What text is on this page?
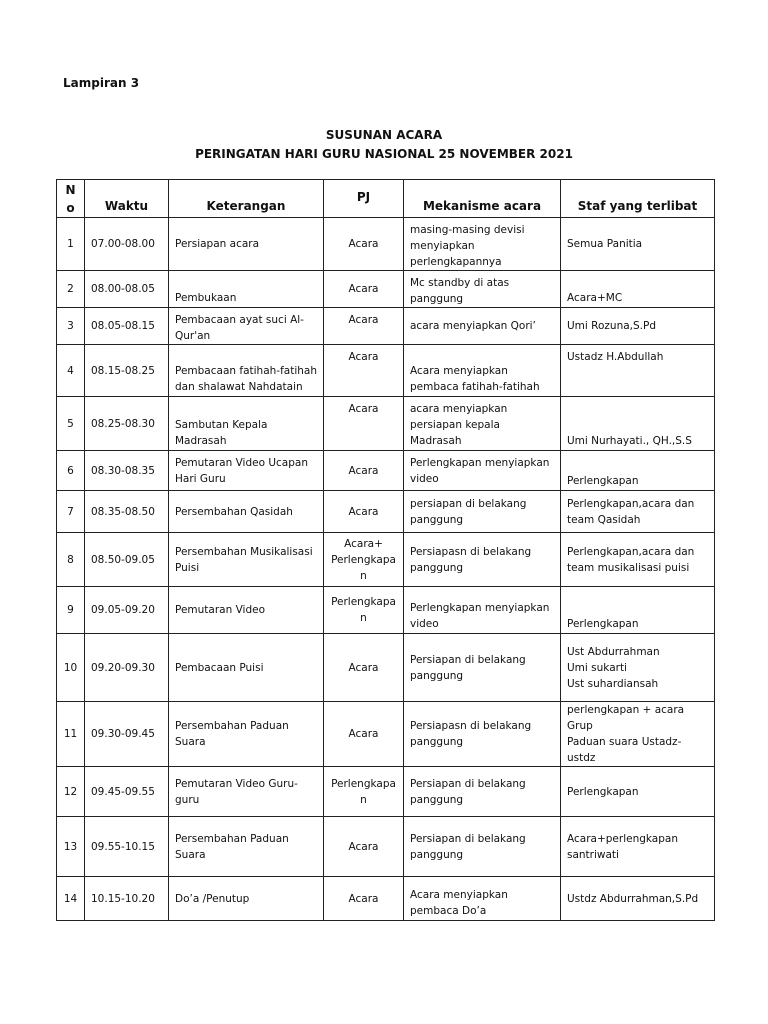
Lampiran 3
SUSUNAN ACARA
PERINGATAN HARI GURU NASIONAL 25 NOVEMBER 2021
N
o	Waktu	Keterangan	PJ	Mekanisme acara	Staf yang terlibat

1	07.00-08.00	Persiapan acara	Acara	masing-masing devisi
menyiapkan
perlengkapannya	Semua Panitia

2	08.00-08.05	Pembukaan	Acara	Mc standby di atas
panggung	Acara+MC

3	08.05-08.15	Pembacaan ayat suci Al-
Qur'an	Acara	acara menyiapkan Qori’	Umi Rozuna,S.Pd

4	08.15-08.25	Pembacaan fatihah-fatihah
dan shalawat Nahdatain	Acara	Acara menyiapkan
pembaca fatihah-fatihah	Ustadz H.Abdullah

5	08.25-08.30	Sambutan Kepala
Madrasah	Acara	acara menyiapkan
persiapan kepala Madrasah	Umi Nurhayati., QH.,S.S

6	08.30-08.35	Pemutaran Video Ucapan
Hari Guru	Acara	Perlengkapan menyiapkan
video	Perlengkapan

7	08.35-08.50	Persembahan Qasidah	Acara	persiapan di belakang
panggung	Perlengkapan,acara dan
team Qasidah

8	08.50-09.05	Persembahan Musikalisasi
Puisi	Acara+
Perlengkapa
n	Persiapasn di belakang
panggung	Perlengkapan,acara dan
team musikalisasi puisi

9	09.05-09.20	Pemutaran Video	Perlengkapa
n	Perlengkapan menyiapkan
video	Perlengkapan

10	09.20-09.30	Pembacaan Puisi	Acara	Persiapan di belakang
panggung	Ust Abdurrahman
Umi sukarti
Ust suhardiansah

11	09.30-09.45	Persembahan Paduan
Suara	Acara	Persiapasn di belakang
panggung	perlengkapan + acara Grup
Paduan suara Ustadz-ustdz

12	09.45-09.55	Pemutaran Video Guru-
guru	Perlengkapa
n	Persiapan di belakang
panggung	Perlengkapan

13	09.55-10.15	Persembahan Paduan
Suara	Acara	Persiapan di belakang
panggung	Acara+perlengkapan
santriwati

14	10.15-10.20	Do’a /Penutup	Acara	Acara menyiapkan
pembaca Do’a	Ustdz Abdurrahman,S.Pd
